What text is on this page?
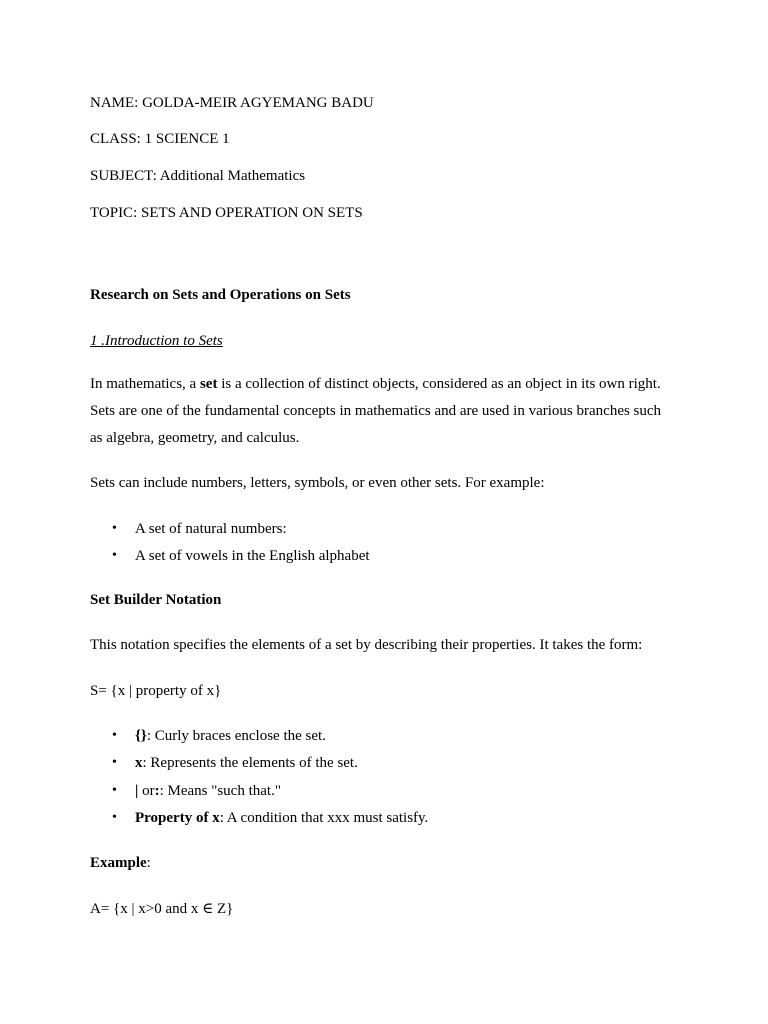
NAME: GOLDA-MEIR AGYEMANG BADU
CLASS: 1 SCIENCE 1
SUBJECT: Additional Mathematics
TOPIC: SETS AND OPERATION ON SETS
Research on Sets and Operations on Sets
1 .Introduction to Sets
In mathematics, a set is a collection of distinct objects, considered as an object in its own right. Sets are one of the fundamental concepts in mathematics and are used in various branches such as algebra, geometry, and calculus.
Sets can include numbers, letters, symbols, or even other sets. For example:
• A set of natural numbers:
• A set of vowels in the English alphabet
Set Builder Notation
This notation specifies the elements of a set by describing their properties. It takes the form:
S= {x | property of x}
• {}: Curly braces enclose the set.
• x: Represents the elements of the set.
• | or:: Means "such that."
• Property of x: A condition that xxx must satisfy.
Example:
A= {x | x>0 and x ∈ Z}
